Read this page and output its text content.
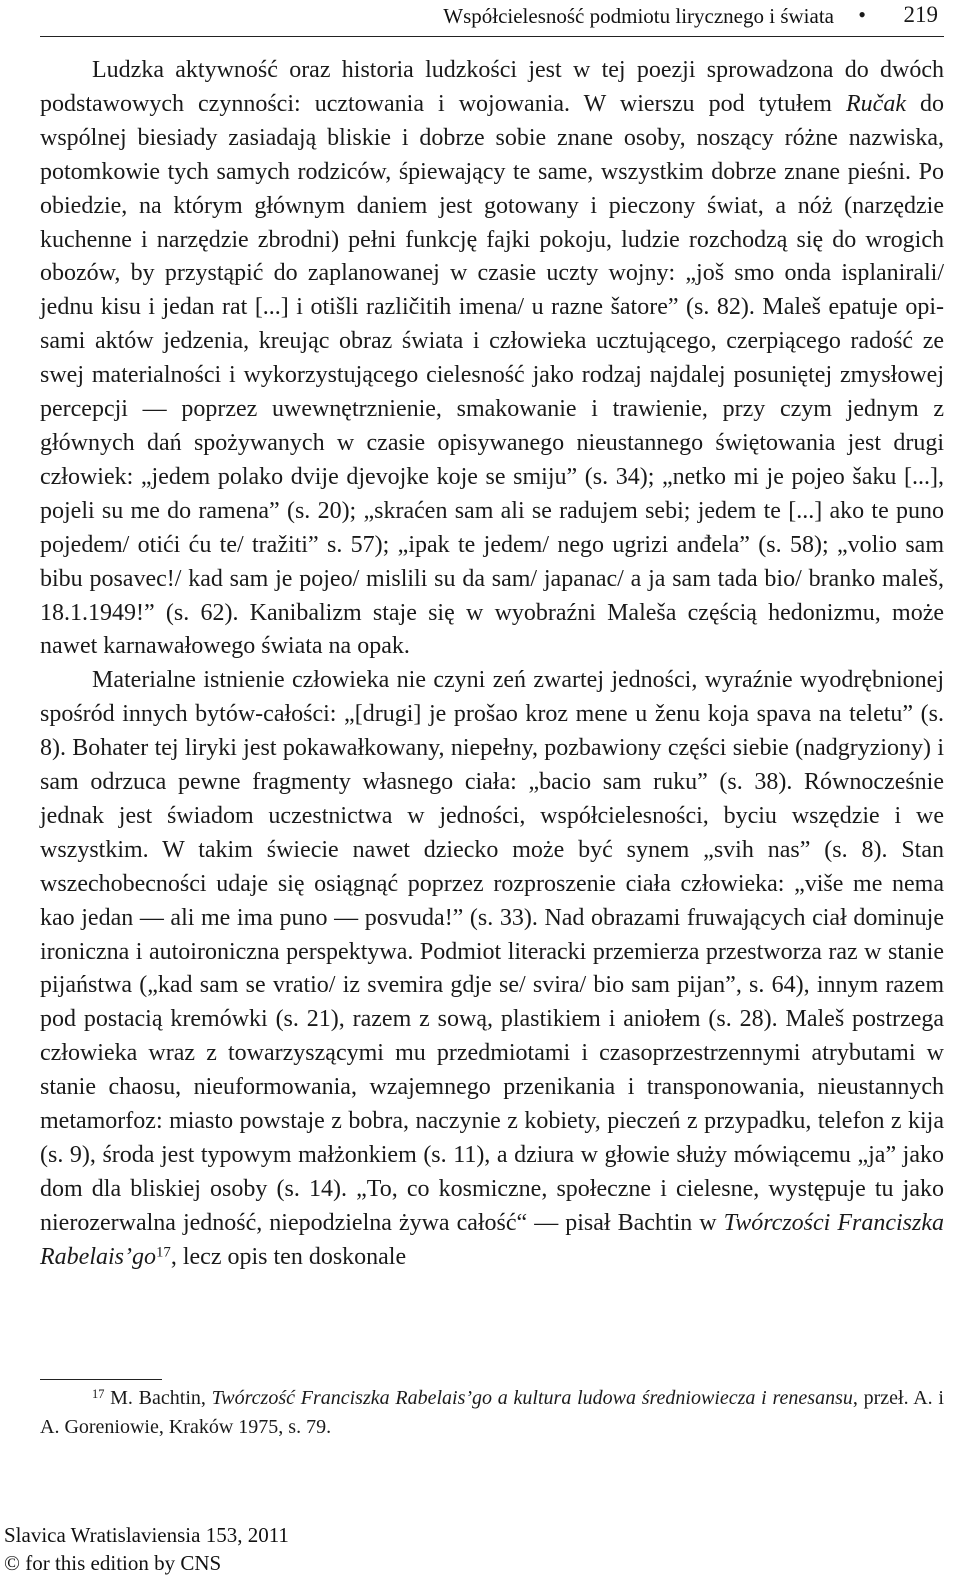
Współcielesność podmiotu lirycznego i świata • 219

Ludzka aktywność oraz historia ludzkości jest w tej poezji sprowadzona do dwóch podstawowych czynności: ucztowania i wojowania. W wierszu pod tytułem Ručak do wspólnej biesiady zasiadają bliskie i dobrze sobie znane osoby, noszący różne nazwiska, potomkowie tych samych rodziców, śpiewający te same, wszystkim dobrze znane pieśni. Po obiedzie, na którym głównym daniem jest gotowany i pieczony świat, a nóż (narzędzie kuchenne i narzędzie zbrodni) pełni funkcję fajki pokoju, ludzie rozchodzą się do wrogich obozów, by przystąpić do zaplanowanej w czasie uczty wojny: „još smo onda isplanirali/ jednu kisu i jedan rat [...] i otišli različitih imena/ u razne šatore” (s. 82). Maleš epatuje opisami aktów jedzenia, kreując obraz świata i człowieka ucztującego, czerpiącego radość ze swej materialności i wykorzystującego cielesność jako rodzaj najdalej posuniętej zmysłowej percepcji — poprzez uwewnętrznienie, smakowanie i trawienie, przy czym jednym z głównych dań spożywanych w czasie opisywanego nieustannego świętowania jest drugi człowiek: „jedem polako dvije djevojke koje se smiju” (s. 34); „netko mi je pojeo šaku [...], pojeli su me do ramena” (s. 20); „skraćen sam ali se radujem sebi; jedem te [...] ako te puno pojedem/ otići ću te/ tražiti” s. 57); „ipak te jedem/ nego ugrizi anđela” (s. 58); „volio sam bibu posavec!/ kad sam je pojeo/ mislili su da sam/ japanac/ a ja sam tada bio/ branko maleš, 18.1.1949!” (s. 62). Kanibalizm staje się w wyobraźni Maleša częścią hedonizmu, może nawet karnawałowego świata na opak.

Materialne istnienie człowieka nie czyni zeń zwartej jedności, wyraźnie wyodrębnionej spośród innych bytów-całości: „[drugi] je prošao kroz mene u ženu koja spava na teletu” (s. 8). Bohater tej liryki jest pokawałkowany, niepełny, pozbawiony części siebie (nadgryziony) i sam odrzuca pewne fragmenty własnego ciała: „bacio sam ruku” (s. 38). Równocześnie jednak jest świadom uczestnictwa w jedności, współcielesności, byciu wszędzie i we wszystkim. W takim świecie nawet dziecko może być synem „svih nas” (s. 8). Stan wszechobecności udaje się osiągnąć poprzez rozproszenie ciała człowieka: „više me nema kao jedan — ali me ima puno — posvuda!” (s. 33). Nad obrazami fruwających ciał dominuje ironiczna i autoironiczna perspektywa. Podmiot literacki przemierza przestworza raz w stanie pijaństwa („kad sam se vratio/ iz svemira gdje se/ svira/ bio sam pijan”, s. 64), innym razem pod postacią kremówki (s. 21), razem z sową, plastikiem i aniołem (s. 28). Maleš postrzega człowieka wraz z towarzyszącymi mu przedmiotami i czasoprzestrzennymi atrybutami w stanie chaosu, nieuformowania, wzajemnego przenikania i transponowania, nieustannych metamorfoz: miasto powstaje z bobra, naczynie z kobiety, pieczeń z przypadku, telefon z kija (s. 9), środa jest typowym małżonkiem (s. 11), a dziura w głowie służy mówiącemu „ja” jako dom dla bliskiej osoby (s. 14). „To, co kosmiczne, społeczne i cielesne, występuje tu jako nierozerwalna jedność, niepodzielna żywa całość“ — pisał Bachtin w Twórczości Franciszka $Rabelais’go^{17}$, lecz opis ten doskonale

$^{17}$ M. Bachtin, Twórczość Franciszka Rabelais’go a kultura ludowa średniowiecza i renesansu, przeł. A. i A. Goreniowie, Kraków 1975, s. 79.
Slavica Wratislaviensia 153, 2011
© for this edition by CNS
